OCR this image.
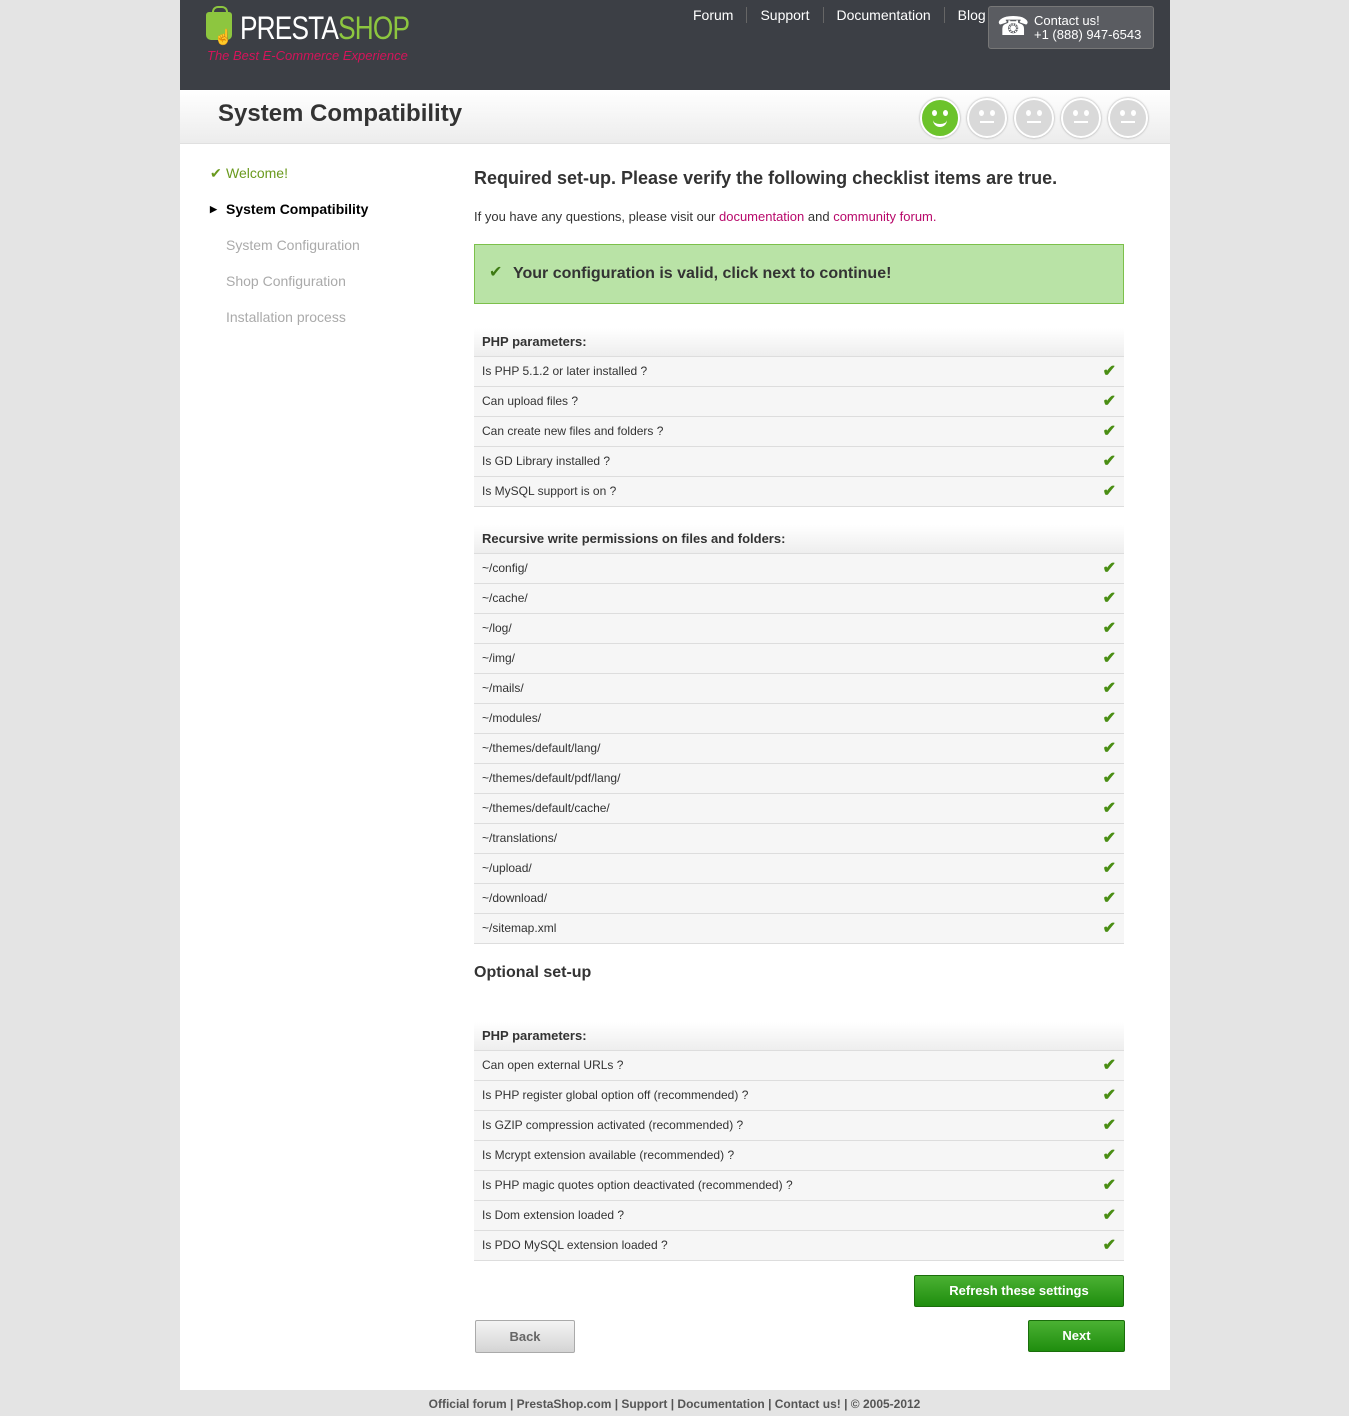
☝ PRESTASHOP
The Best E-Commerce Experience
Forum	Support	Documentation	Blog ☎ Contact us!
+1 (888) 947-6543
System Compatibility
✔ Welcome!
▶ System Compatibility
System Configuration
Shop Configuration
Installation process
Required set-up. Please verify the following checklist items are true.
If you have any questions, please visit our documentation and community forum.
✔ Your configuration is valid, click next to continue!
PHP parameters:
Is PHP 5.1.2 or later installed ?	✔
Can upload files ?	✔
Can create new files and folders ?	✔
Is GD Library installed ?	✔
Is MySQL support is on ?	✔
Recursive write permissions on files and folders:
~/config/	✔
~/cache/	✔
~/log/	✔
~/img/	✔
~/mails/	✔
~/modules/	✔
~/themes/default/lang/	✔
~/themes/default/pdf/lang/	✔
~/themes/default/cache/	✔
~/translations/	✔
~/upload/	✔
~/download/	✔
~/sitemap.xml	✔
Optional set-up
PHP parameters:
Can open external URLs ?	✔
Is PHP register global option off (recommended) ?	✔
Is GZIP compression activated (recommended) ?	✔
Is Mcrypt extension available (recommended) ?	✔
Is PHP magic quotes option deactivated (recommended) ?	✔
Is Dom extension loaded ?	✔
Is PDO MySQL extension loaded ?	✔
Refresh these settings
Back	Next
Official forum | PrestaShop.com | Support | Documentation | Contact us! | © 2005-2012
